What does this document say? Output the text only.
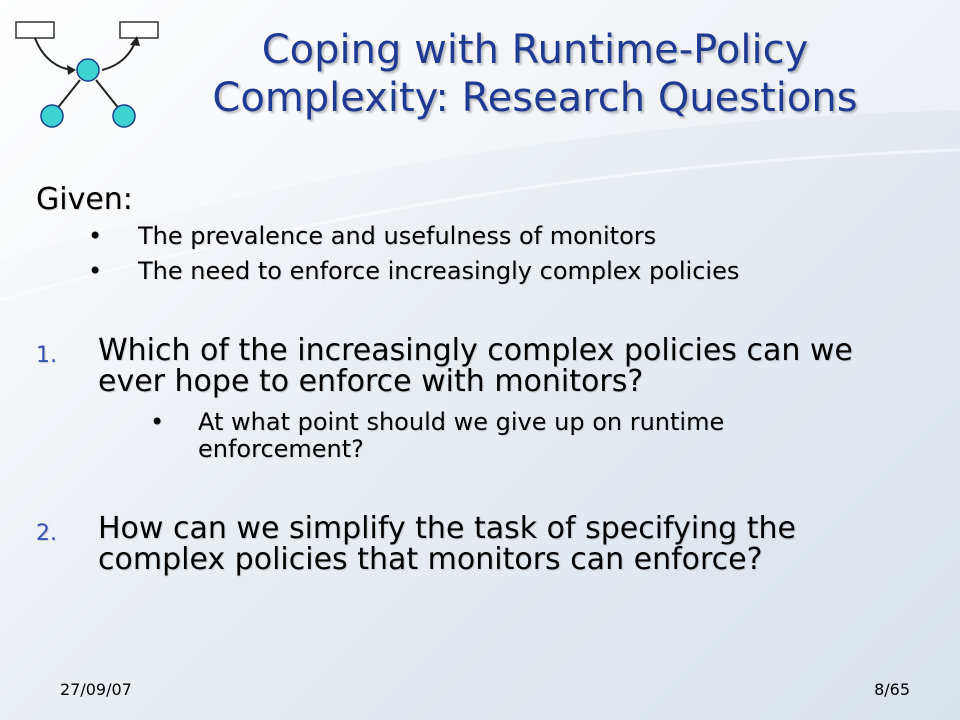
Coping with Runtime-Policy
Complexity: Research Questions
Given:
• The prevalence and usefulness of monitors
• The need to enforce increasingly complex policies
1. Which of the increasingly complex policies can we
ever hope to enforce with monitors?
• At what point should we give up on runtime
enforcement?
2. How can we simplify the task of specifying the
complex policies that monitors can enforce?
27/09/07	8/65
